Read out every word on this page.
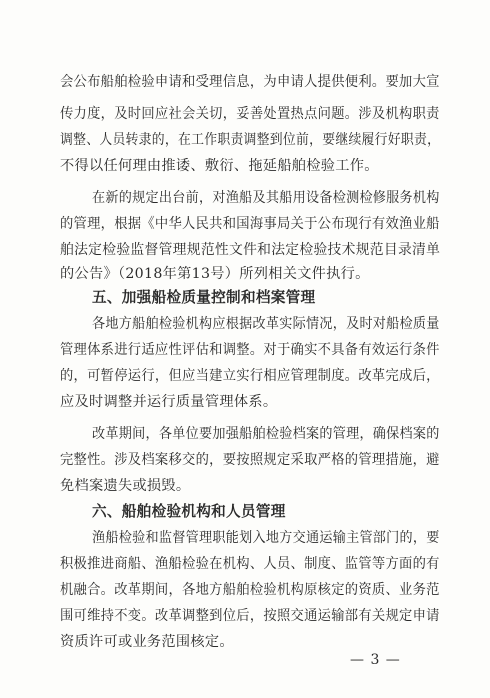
会公布船舶检验申请和受理信息，为申请人提供便利。要加大宣
传力度，及时回应社会关切，妥善处置热点问题。涉及机构职责
调整、人员转隶的，在工作职责调整到位前，要继续履行好职责，
不得以任何理由推诿、敷衍、拖延船舶检验工作。
在新的规定出台前，对渔船及其船用设备检测检修服务机构
的管理，根据《中华人民共和国海事局关于公布现行有效渔业船
舶法定检验监督管理规范性文件和法定检验技术规范目录清单
的公告》（2018年第13号）所列相关文件执行。
五、加强船检质量控制和档案管理
各地方船舶检验机构应根据改革实际情况，及时对船检质量
管理体系进行适应性评估和调整。对于确实不具备有效运行条件
的，可暂停运行，但应当建立实行相应管理制度。改革完成后，
应及时调整并运行质量管理体系。
改革期间，各单位要加强船舶检验档案的管理，确保档案的
完整性。涉及档案移交的，要按照规定采取严格的管理措施，避
免档案遗失或损毁。
六、船舶检验机构和人员管理
渔船检验和监督管理职能划入地方交通运输主管部门的，要
积极推进商船、渔船检验在机构、人员、制度、监管等方面的有
机融合。改革期间，各地方船舶检验机构原核定的资质、业务范
围可维持不变。改革调整到位后，按照交通运输部有关规定申请
资质许可或业务范围核定。
— 3 —
